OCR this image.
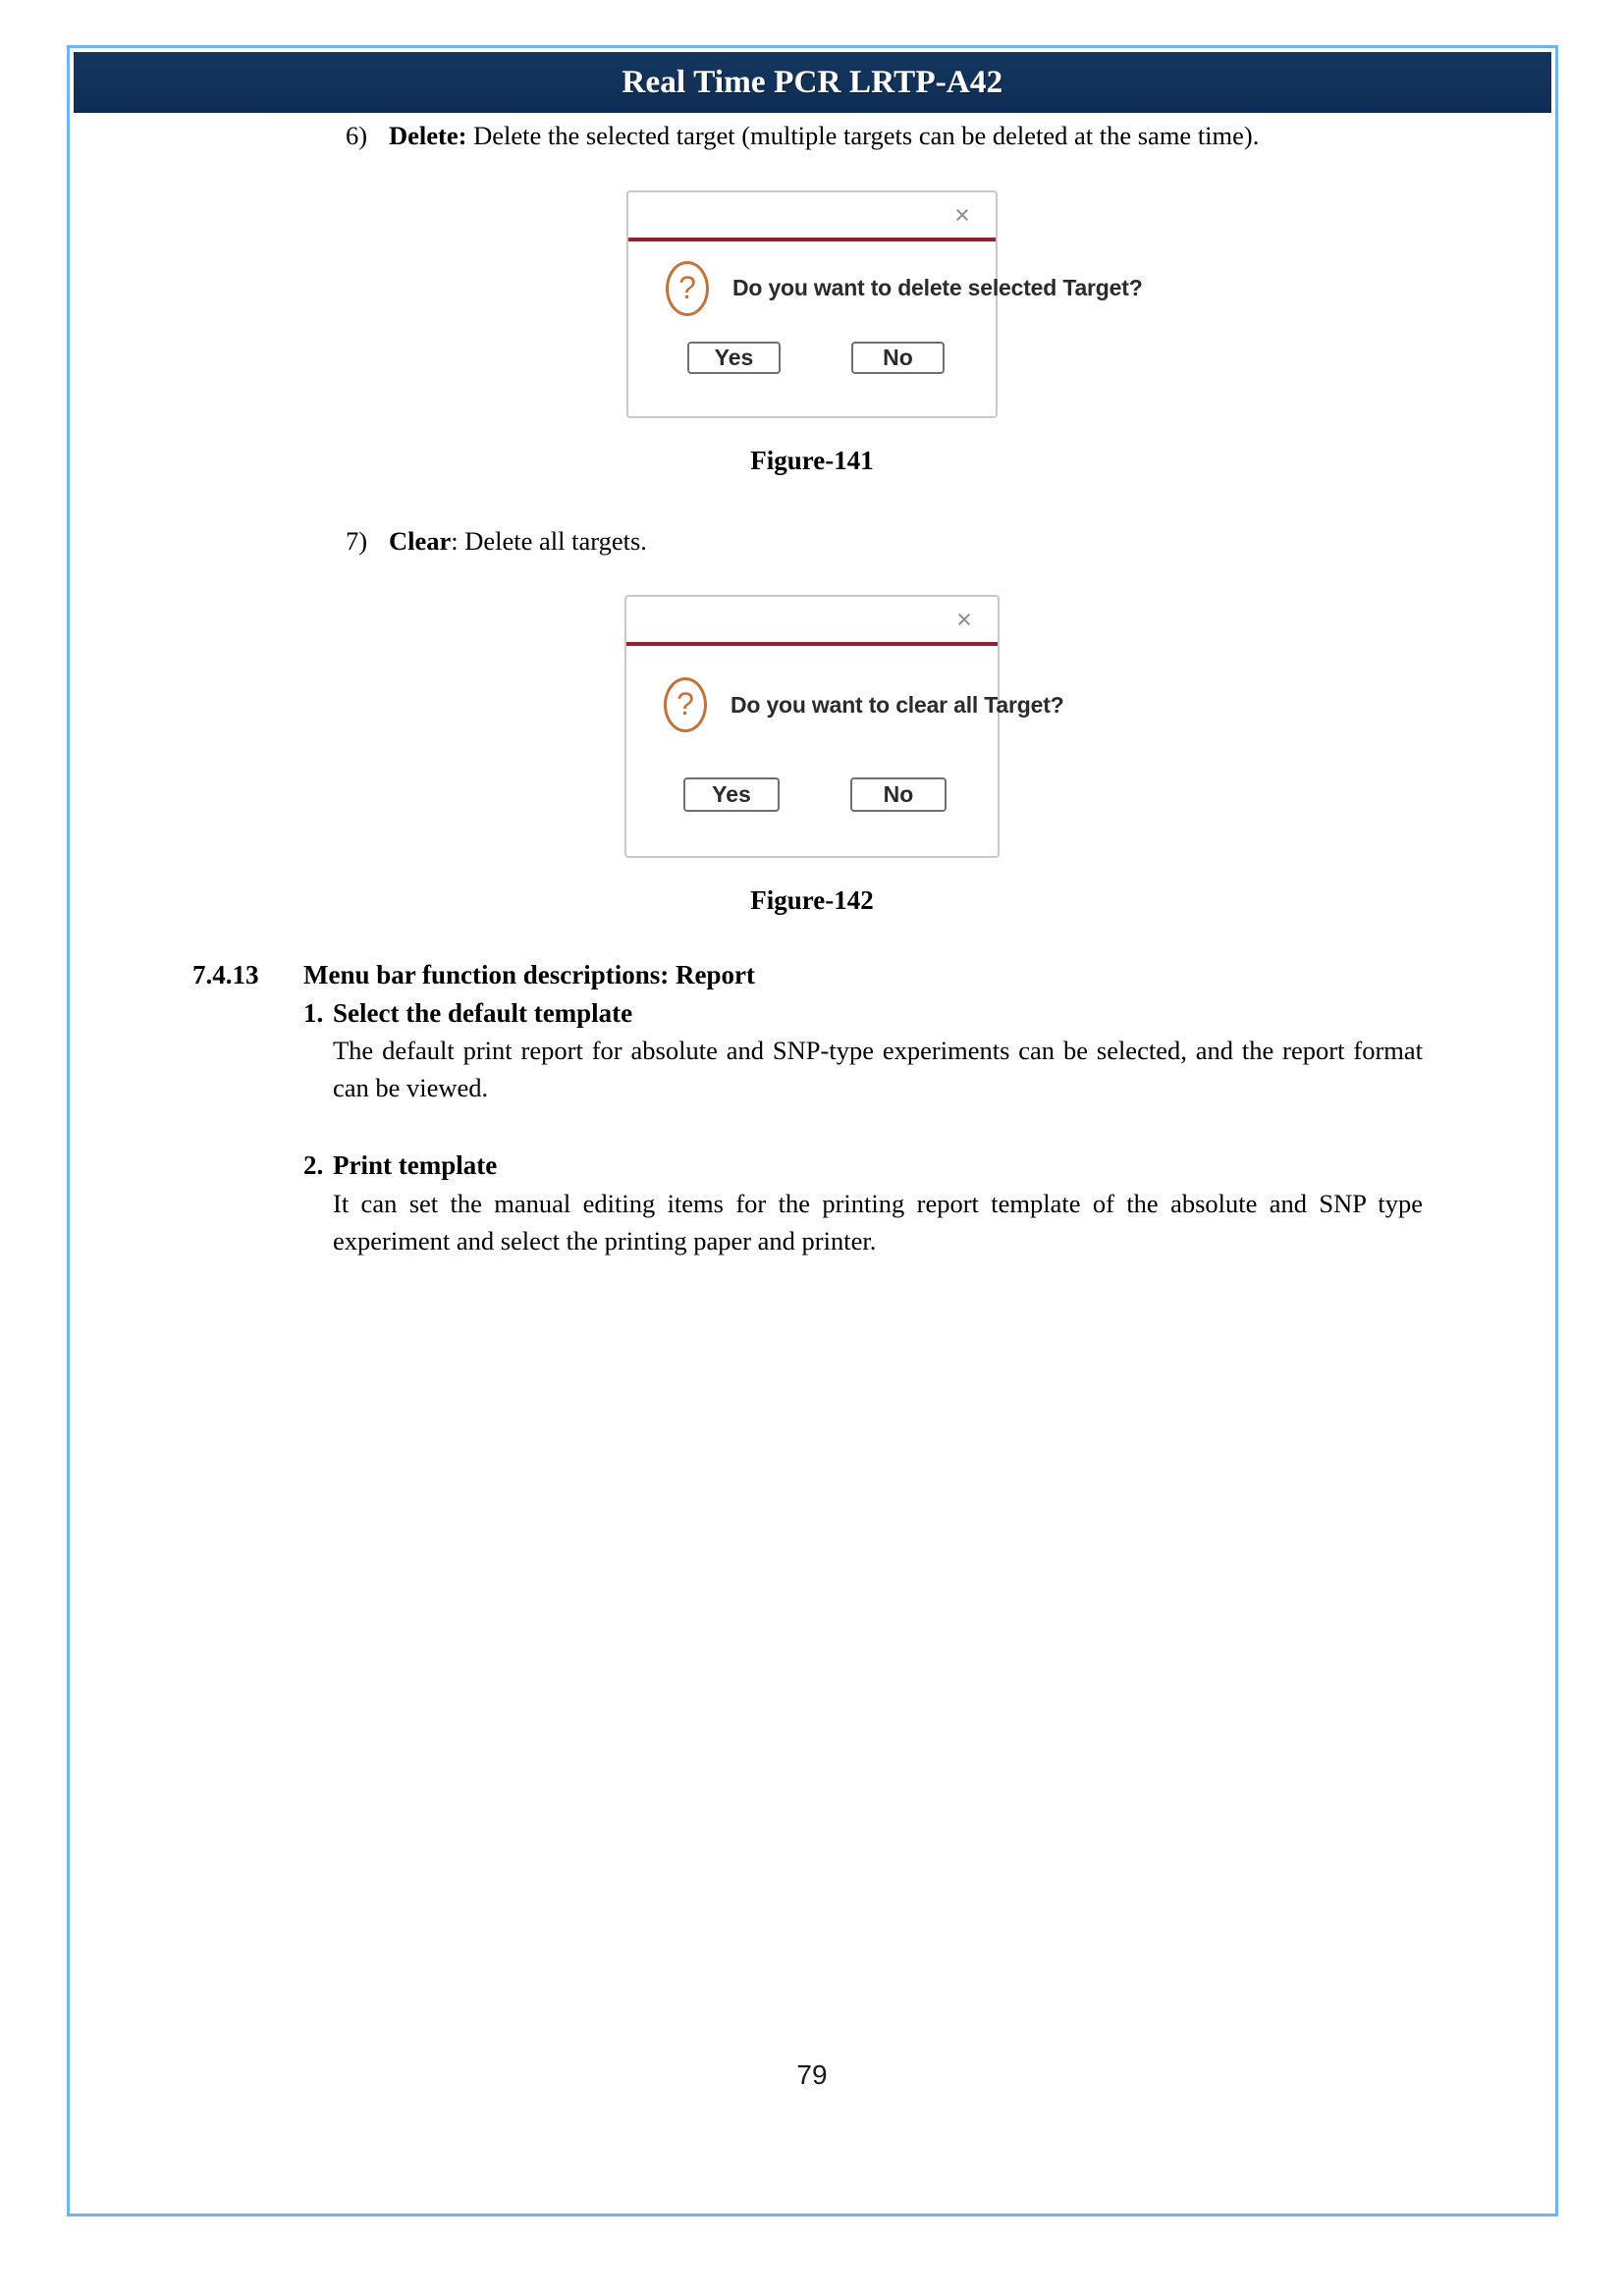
Real Time PCR LRTP-A42
6) Delete: Delete the selected target (multiple targets can be deleted at the same time).
×
?	Do you want to delete selected Target?
Yes	No
Figure-141
7) Clear: Delete all targets.
×
?	Do you want to clear all Target?
Yes	No
Figure-142
7.4.13	Menu bar function descriptions: Report
1. Select the default template
The default print report for absolute and SNP-type experiments can be selected, and the report format can be viewed.
2. Print template
It can set the manual editing items for the printing report template of the absolute and SNP type experiment and select the printing paper and printer.
79
